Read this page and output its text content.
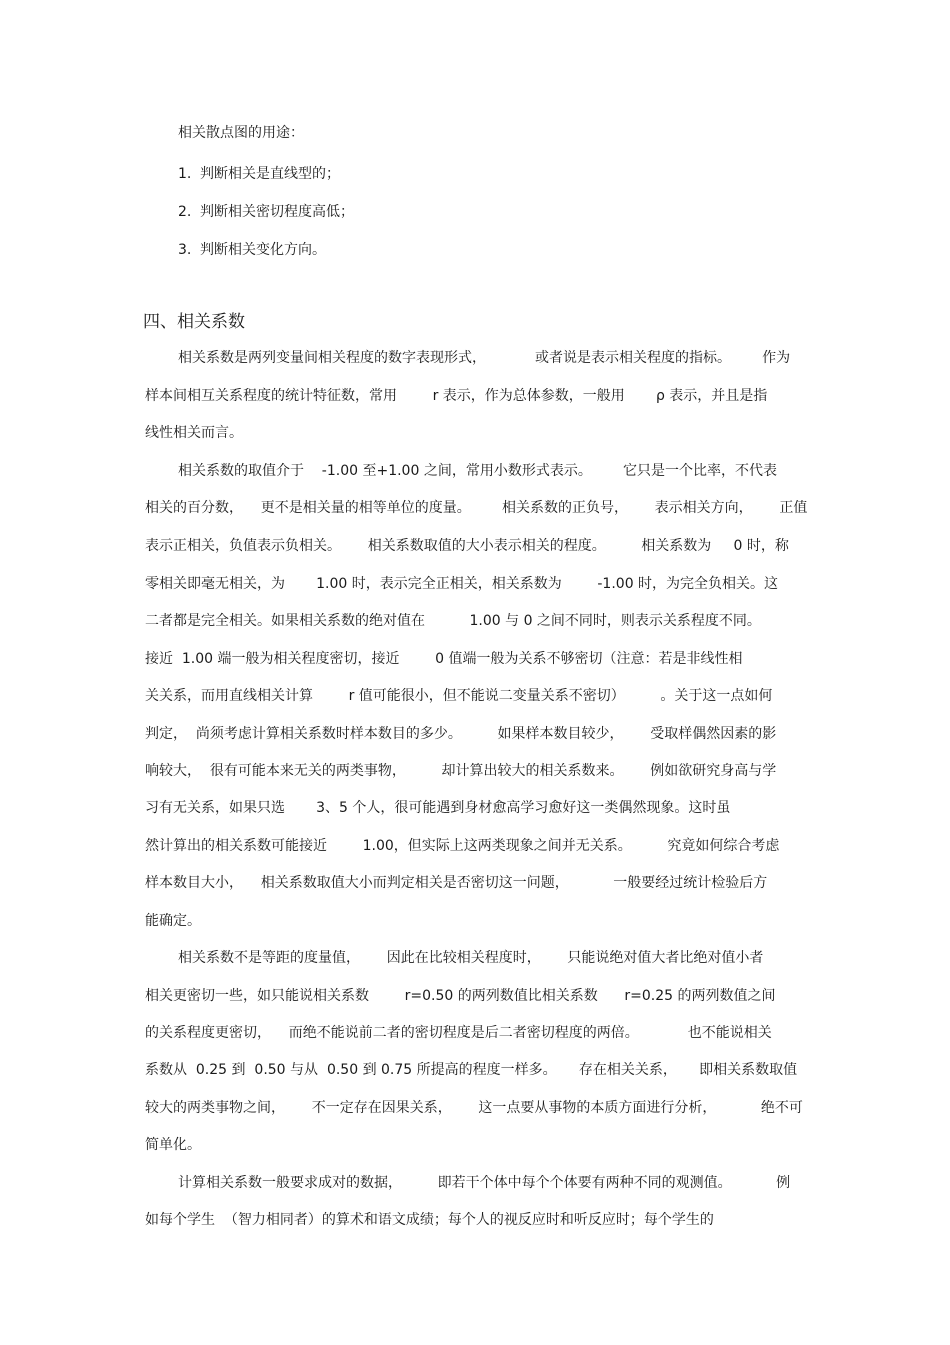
相关散点图的用途：
1. 判断相关是直线型的；
2. 判断相关密切程度高低；
3. 判断相关变化方向。
四、相关系数
相关系数是两列变量间相关程度的数字表现形式，           或者说是表示相关程度的指标。       作为
样本间相互关系程度的统计特征数，常用        r 表示，作为总体参数，一般用       ρ 表示，并且是指
线性相关而言。
相关系数的取值介于    -1.00 至+1.00 之间，常用小数形式表示。       它只是一个比率，不代表
相关的百分数，    更不是相关量的相等单位的度量。       相关系数的正负号，      表示相关方向，      正值
表示正相关，负值表示负相关。      相关系数取值的大小表示相关的程度。        相关系数为     0 时，称
零相关即毫无相关，为       1.00 时，表示完全正相关，相关系数为        -1.00 时，为完全负相关。这
二者都是完全相关。如果相关系数的绝对值在          1.00 与 0 之间不同时，则表示关系程度不同。
接近  1.00 端一般为相关程度密切，接近        0 值端一般为关系不够密切（注意：若是非线性相
关关系，而用直线相关计算        r 值可能很小，但不能说二变量关系不密切）        。关于这一点如何
判定，  尚须考虑计算相关系数时样本数目的多少。        如果样本数目较少，      受取样偶然因素的影
响较大，  很有可能本来无关的两类事物，        却计算出较大的相关系数来。      例如欲研究身高与学
习有无关系，如果只选       3、5 个人，很可能遇到身材愈高学习愈好这一类偶然现象。这时虽
然计算出的相关系数可能接近        1.00，但实际上这两类现象之间并无关系。        究竟如何综合考虑
样本数目大小，    相关系数取值大小而判定相关是否密切这一问题，          一般要经过统计检验后方
能确定。
相关系数不是等距的度量值，      因此在比较相关程度时，      只能说绝对值大者比绝对值小者
相关更密切一些，如只能说相关系数        r=0.50 的两列数值比相关系数      r=0.25 的两列数值之间
的关系程度更密切，    而绝不能说前二者的密切程度是后二者密切程度的两倍。           也不能说相关
系数从  0.25 到  0.50 与从  0.50 到 0.75 所提高的程度一样多。     存在相关关系，     即相关系数取值
较大的两类事物之间，      不一定存在因果关系，      这一点要从事物的本质方面进行分析，          绝不可
简单化。
计算相关系数一般要求成对的数据，        即若干个体中每个个体要有两种不同的观测值。          例
如每个学生  （智力相同者）的算术和语文成绩；每个人的视反应时和听反应时；每个学生的
